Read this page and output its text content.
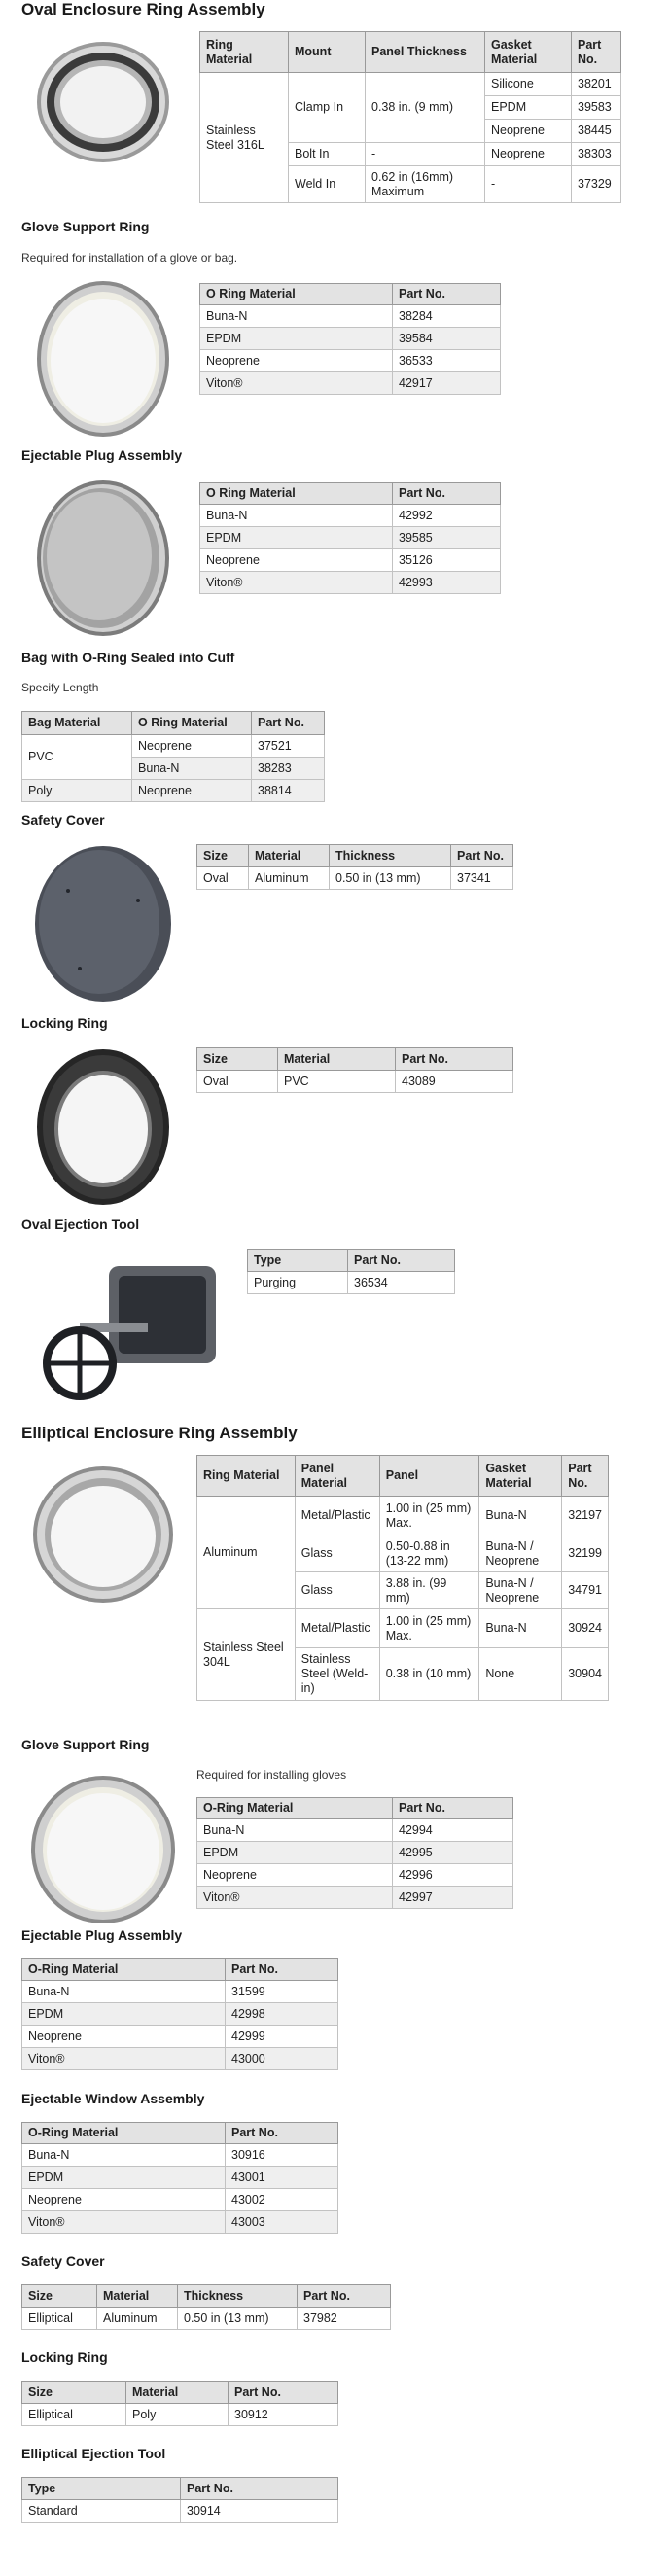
Oval Enclosure Ring Assembly
Ring Material	Mount	Panel Thickness	Gasket Material	Part No.
Stainless Steel 316L	Clamp In	0.38 in. (9 mm)	Silicone	38201
			EPDM	39583
			Neoprene	38445
	Bolt In	-	Neoprene	38303
	Weld In	0.62 in (16mm) Maximum	-	37329
Glove Support Ring
Required for installation of a glove or bag.
O Ring Material	Part No.
Buna-N	38284
EPDM	39584
Neoprene	36533
Viton®	42917
Ejectable Plug Assembly
O Ring Material	Part No.
Buna-N	42992
EPDM	39585
Neoprene	35126
Viton®	42993
Bag with O-Ring Sealed into Cuff
Specify Length
Bag Material	O Ring Material	Part No.
PVC	Neoprene	37521
	Buna-N	38283
Poly	Neoprene	38814
Safety Cover
Size	Material	Thickness	Part No.
Oval	Aluminum	0.50 in (13 mm)	37341
Locking Ring
Size	Material	Part No.
Oval	PVC	43089
Oval Ejection Tool
Type	Part No.
Purging	36534
Elliptical Enclosure Ring Assembly
Ring Material	Panel Material	Panel	Gasket Material	Part No.
Aluminum	Metal/Plastic	1.00 in (25 mm) Max.	Buna-N	32197
	Glass	0.50-0.88 in (13-22 mm)	Buna-N / Neoprene	32199
	Glass	3.88 in. (99 mm)	Buna-N / Neoprene	34791
Stainless Steel 304L	Metal/Plastic	1.00 in (25 mm) Max.	Buna-N	30924
	Stainless Steel (Weld-in)	0.38 in (10 mm)	None	30904
Glove Support Ring
Required for installing gloves
O-Ring Material	Part No.
Buna-N	42994
EPDM	42995
Neoprene	42996
Viton®	42997
Ejectable Plug Assembly
O-Ring Material	Part No.
Buna-N	31599
EPDM	42998
Neoprene	42999
Viton®	43000
Ejectable Window Assembly
O-Ring Material	Part No.
Buna-N	30916
EPDM	43001
Neoprene	43002
Viton®	43003
Safety Cover
Size	Material	Thickness	Part No.
Elliptical	Aluminum	0.50 in (13 mm)	37982
Locking Ring
Size	Material	Part No.
Elliptical	Poly	30912
Elliptical Ejection Tool
Type	Part No.
Standard	30914
